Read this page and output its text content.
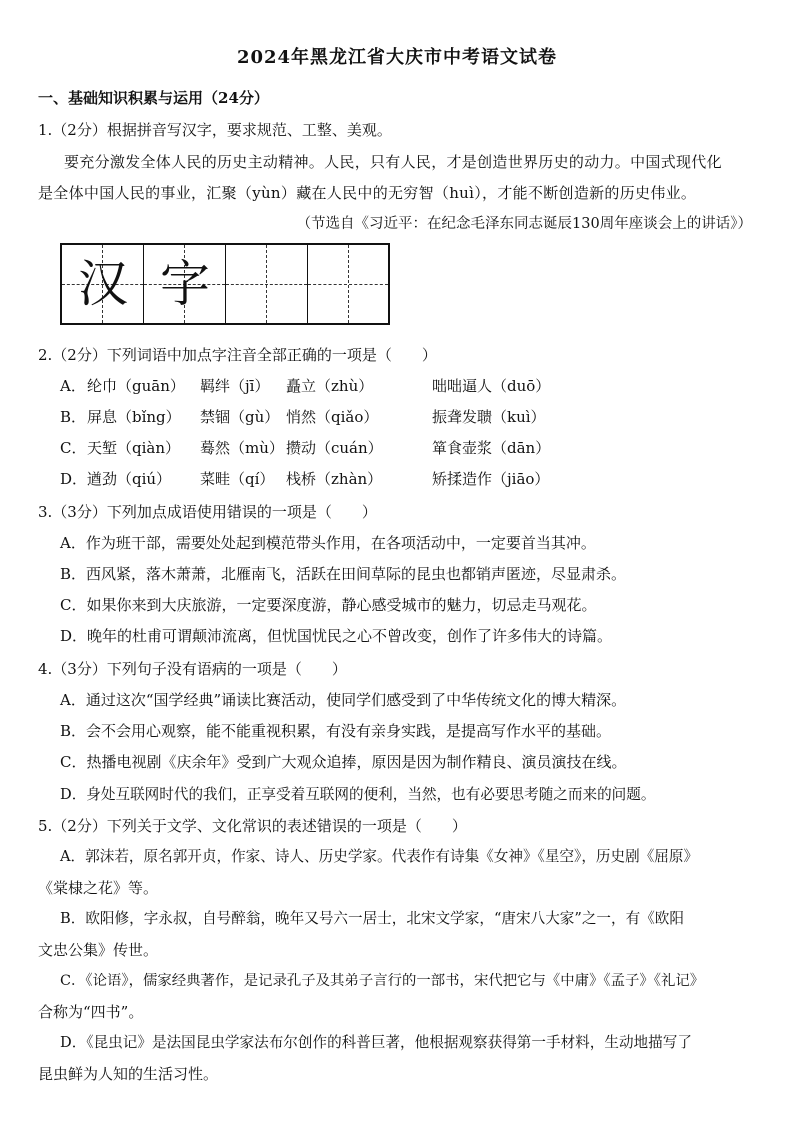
2024年黑龙江省大庆市中考语文试卷
一、基础知识积累与运用（24分）
1.（2分）根据拼音写汉字，要求规范、工整、美观。
要充分激发全体人民的历史主动精神。人民，只有人民，才是创造世界历史的动力。中国式现代化
是全体中国人民的事业，汇聚（yùn）藏在人民中的无穷智（huì），才能不断创造新的历史伟业。
（节选自《习近平：在纪念毛泽东同志诞辰130周年座谈会上的讲话》）
汉 字
2.（2分）下列词语中加点字注音全部正确的一项是（　　）
A． 纶巾（guān） 羁绊（jī） 矗立（zhù）	咄咄逼人（duō）
B． 屏息（bǐng） 禁锢（gù） 悄然（qiǎo）	振聋发聩（kuì）
C． 天堑（qiàn） 蓦然（mù） 攒动（cuán）	箪食壶浆（dān）
D． 遒劲（qiú） 菜畦（qí） 栈桥（zhàn）	矫揉造作（jiāo）
3.（3分）下列加点成语使用错误的一项是（　　）
A．作为班干部，需要处处起到模范带头作用，在各项活动中，一定要首当其冲。
B．西风紧，落木萧萧，北雁南飞，活跃在田间草际的昆虫也都销声匿迹，尽显肃杀。
C．如果你来到大庆旅游，一定要深度游，静心感受城市的魅力，切忌走马观花。
D．晚年的杜甫可谓颠沛流离，但忧国忧民之心不曾改变，创作了许多伟大的诗篇。
4.（3分）下列句子没有语病的一项是（　　）
A．通过这次“国学经典”诵读比赛活动，使同学们感受到了中华传统文化的博大精深。
B．会不会用心观察，能不能重视积累，有没有亲身实践，是提高写作水平的基础。
C．热播电视剧《庆余年》受到广大观众追捧，原因是因为制作精良、演员演技在线。
D．身处互联网时代的我们，正享受着互联网的便利，当然，也有必要思考随之而来的问题。
5.（2分）下列关于文学、文化常识的表述错误的一项是（　　）
A．郭沫若，原名郭开贞，作家、诗人、历史学家。代表作有诗集《女神》《星空》，历史剧《屈原》
《棠棣之花》等。
B．欧阳修，字永叔，自号醉翁，晚年又号六一居士，北宋文学家，“唐宋八大家”之一，有《欧阳
文忠公集》传世。
C．《论语》，儒家经典著作，是记录孔子及其弟子言行的一部书，宋代把它与《中庸》《孟子》《礼记》
合称为“四书”。
D．《昆虫记》是法国昆虫学家法布尔创作的科普巨著，他根据观察获得第一手材料，生动地描写了
昆虫鲜为人知的生活习性。
